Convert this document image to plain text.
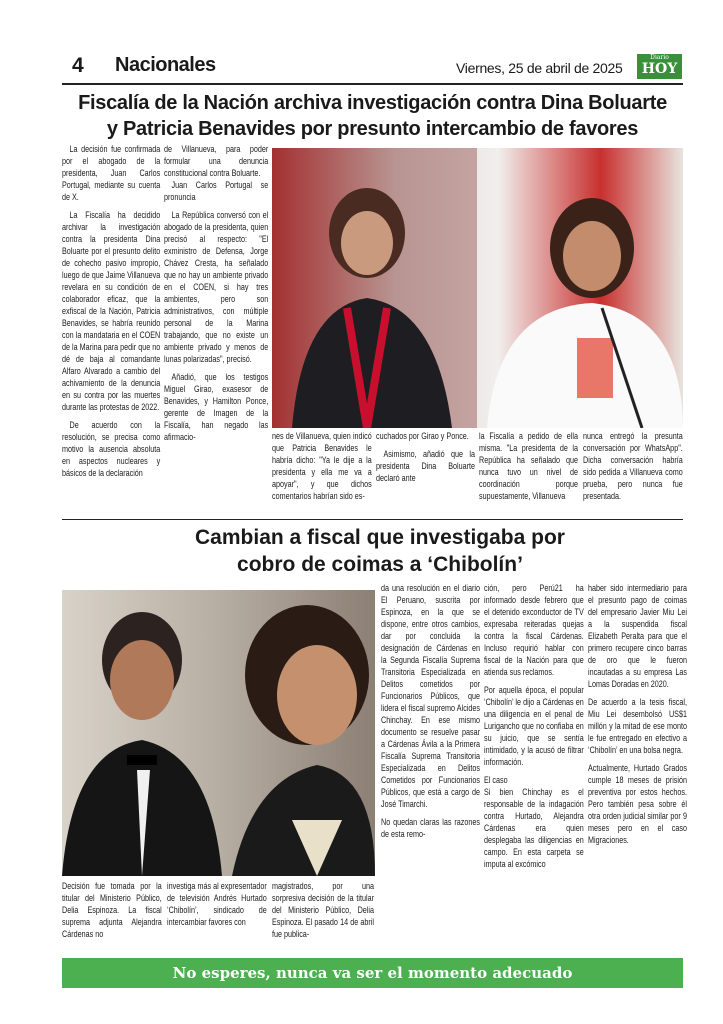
4 Nacionales	Viernes, 25 de abril de 2025
Diario
HOY
Fiscalía de la Nación archiva investigación contra Dina Boluarte
y Patricia Benavides por presunto intercambio de favores

La decisión fue confirmada por el abogado de la presidenta, Juan Carlos Portugal, mediante su cuenta de X.

La Fiscalía ha decidido archivar la investigación contra la presidenta Dina Boluarte por el presunto delito de cohecho pasivo impropio, luego de que Jaime Villanueva revelara en su condición de colaborador eficaz, que la exfiscal de la Nación, Patricia Benavides, se habría reunido con la mandataria en el COEN de la Marina para pedir que no dé de baja al comandante Alfaro Alvarado a cambio del achivamiento de la denuncia en su contra por las muertes durante las protestas de 2022.

De acuerdo con la resolución, se precisa como motivo la ausencia absoluta en aspectos nucleares y básicos de la declaración

de Villanueva, para poder formular una denuncia constitucional contra Boluarte.

Juan Carlos Portugal se pronuncia

La República conversó con el abogado de la presidenta, quien precisó al respecto: "El exministro de Defensa, Jorge Chávez Cresta, ha señalado que no hay un ambiente privado en el COEN, si hay tres ambientes, pero son administrativos, con múltiple personal de la Marina trabajando, que no existe un ambiente privado y menos de lunas polarizadas", precisó.

Añadió, que los testigos Miguel Girao, exasesor de Benavides, y Hamilton Ponce, gerente de Imagen de la Fiscalía, han negado las afirmacio-	nes de Villanueva, quien indicó que Patricia Benavides le habría dicho: "Ya le dije a la presidenta y ella me va a apoyar", y que dichos comentarios habrían sido es-

cuchados por Girao y Ponce.

Asimismo, añadió que la presidenta Dina Boluarte declaró ante

la Fiscalía a pedido de ella misma. "La presidenta de la República ha señalado que nunca tuvo un nivel de coordinación porque supuestamente, Villanueva

nunca entregó la presunta conversación por WhatsApp". Dicha conversación habría sido pedida a Villanueva como prueba, pero nunca fue presentada.

Cambian a fiscal que investigaba por
cobro de coimas a ‘Chibolín’

Decisión fue tomada por la titular del Ministerio Público, Delia Espinoza. La fiscal suprema adjunta Alejandra Cárdenas no

investiga más al expresentador de televisión Andrés Hurtado ‘Chibolín’, sindicado de intercambiar favores con

magistrados, por una sorpresiva decisión de la titular del Ministerio Público, Delia Espinoza. El pasado 14 de abril fue publica-

da una resolución en el diario El Peruano, suscrita por Espinoza, en la que se dispone, entre otros cambios, dar por concluida la designación de Cárdenas en la Segunda Fiscalía Suprema Transitoria Especializada en Delitos cometidos por Funcionarios Públicos, que lidera el fiscal supremo Alcides Chinchay. En ese mismo documento se resuelve pasar a Cárdenas Ávila a la Primera Fiscalía Suprema Transitoria Especializada en Delitos Cometidos por Funcionarios Públicos, que está a cargo de José Timarchi.

No quedan claras las razones de esta remo-

ción, pero Perú21 ha informado desde febrero que el detenido exconductor de TV expresaba reiteradas quejas contra la fiscal Cárdenas. Incluso requirió hablar con fiscal de la Nación para que atienda sus reclamos.

Por aquella época, el popular ‘Chibolín’ le dijo a Cárdenas en una diligencia en el penal de Lurigancho que no confiaba en su juicio, que se sentía intimidado, y la acusó de filtrar información.

El caso

Si bien Chinchay es el responsable de la indagación contra Hurtado, Alejandra Cárdenas era quien desplegaba las diligencias en campo. En esta carpeta se imputa al excómico

haber sido intermediario para el presunto pago de coimas del empresario Javier Miu Lei a la suspendida fiscal Elizabeth Peralta para que el primero recupere cinco barras de oro que le fueron incautadas a su empresa Las Lomas Doradas en 2020.

De acuerdo a la tesis fiscal, Miu Lei desembolsó US$1 millón y la mitad de ese monto le fue entregado en efectivo a ‘Chibolín’ en una bolsa negra.

Actualmente, Hurtado Grados cumple 18 meses de prisión preventiva por estos hechos. Pero también pesa sobre él otra orden judicial similar por 9 meses pero en el caso Migraciones.

No esperes, nunca va ser el momento adecuado
